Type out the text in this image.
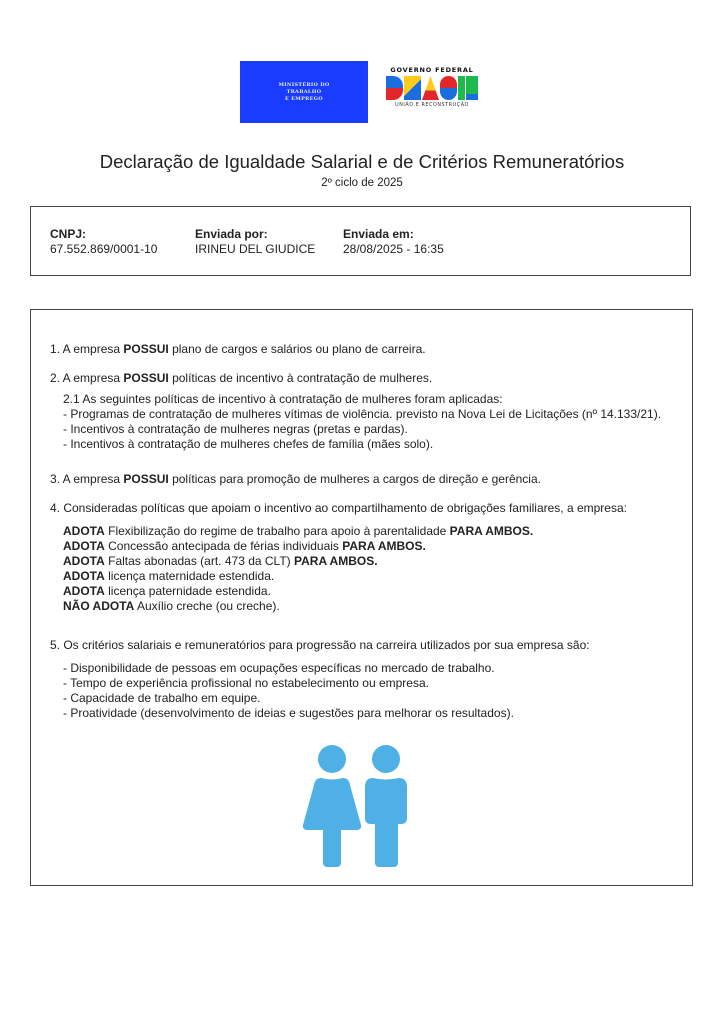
MINISTÉRIO DO
TRABALHO
E EMPREGO
GOVERNO FEDERAL
UNIÃO E RECONSTRUÇÃO
Declaração de Igualdade Salarial e de Critérios Remuneratórios
2º ciclo de 2025
CNPJ:
67.552.869/0001-10
Enviada por:
IRINEU DEL GIUDICE
Enviada em:
28/08/2025 - 16:35
1. A empresa POSSUI plano de cargos e salários ou plano de carreira.
2. A empresa POSSUI políticas de incentivo à contratação de mulheres.
2.1 As seguintes políticas de incentivo à contratação de mulheres foram aplicadas:
- Programas de contratação de mulheres vítimas de violência. previsto na Nova Lei de Licitações (nº 14.133/21).
- Incentivos à contratação de mulheres negras (pretas e pardas).
- Incentivos à contratação de mulheres chefes de família (mães solo).
3. A empresa POSSUI políticas para promoção de mulheres a cargos de direção e gerência.
4. Consideradas políticas que apoiam o incentivo ao compartilhamento de obrigações familiares, a empresa:
ADOTA Flexibilização do regime de trabalho para apoio à parentalidade PARA AMBOS.
ADOTA Concessão antecipada de férias individuais PARA AMBOS.
ADOTA Faltas abonadas (art. 473 da CLT) PARA AMBOS.
ADOTA licença maternidade estendida.
ADOTA licença paternidade estendida.
NÃO ADOTA Auxílio creche (ou creche).
5. Os critérios salariais e remuneratórios para progressão na carreira utilizados por sua empresa são:
- Disponibilidade de pessoas em ocupações específicas no mercado de trabalho.
- Tempo de experiência profissional no estabelecimento ou empresa.
- Capacidade de trabalho em equipe.
- Proatividade (desenvolvimento de ideias e sugestões para melhorar os resultados).
